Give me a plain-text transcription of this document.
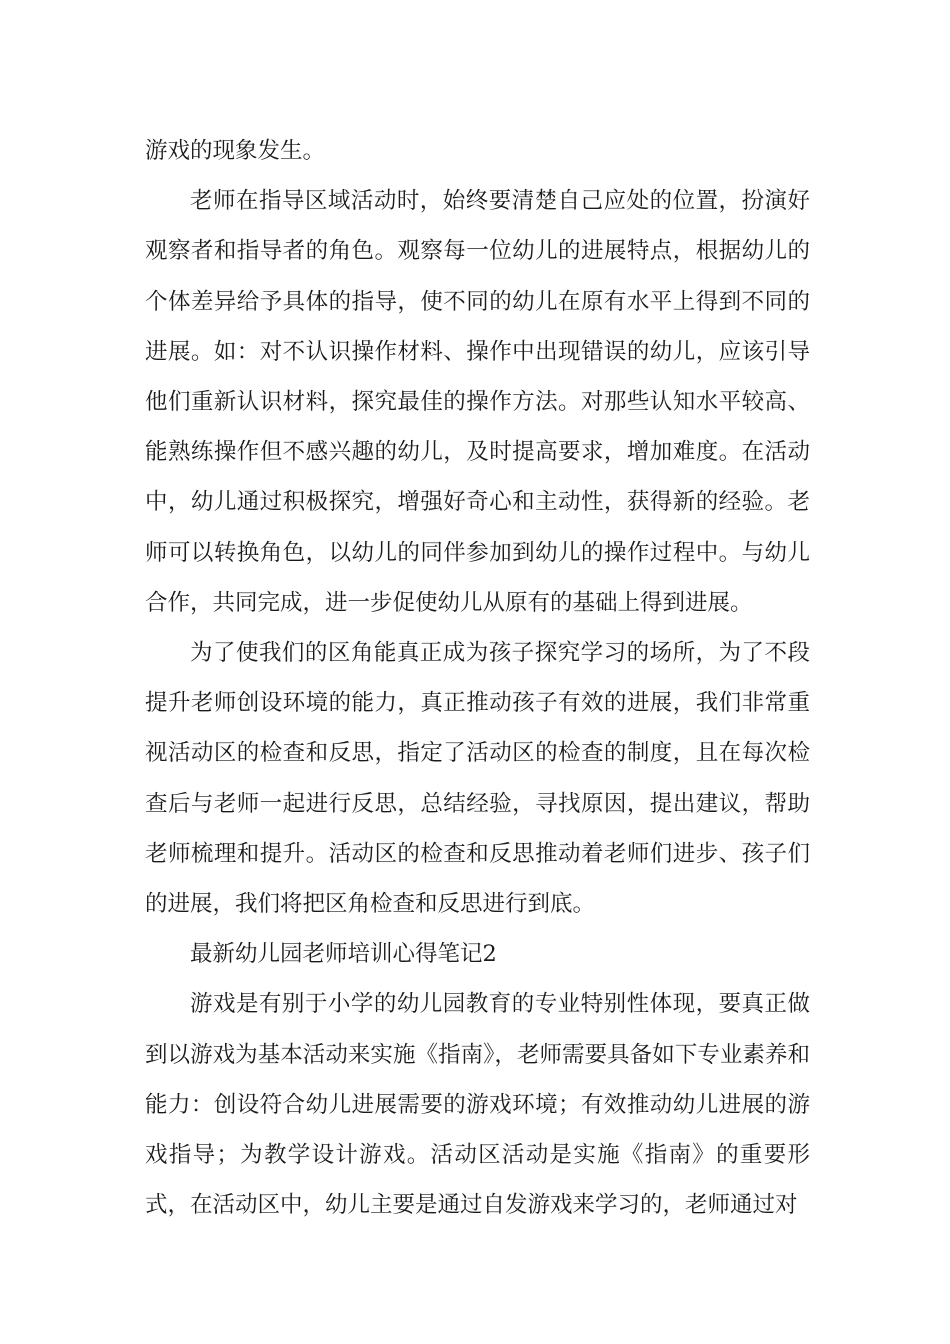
游戏的现象发生。

老师在指导区域活动时，始终要清楚自己应处的位置，扮演好观察者和指导者的角色。观察每一位幼儿的进展特点，根据幼儿的个体差异给予具体的指导，使不同的幼儿在原有水平上得到不同的进展。如：对不认识操作材料、操作中出现错误的幼儿，应该引导他们重新认识材料，探究最佳的操作方法。对那些认知水平较高、能熟练操作但不感兴趣的幼儿，及时提高要求，增加难度。在活动中，幼儿通过积极探究，增强好奇心和主动性，获得新的经验。老师可以转换角色，以幼儿的同伴参加到幼儿的操作过程中。与幼儿合作，共同完成，进一步促使幼儿从原有的基础上得到进展。

为了使我们的区角能真正成为孩子探究学习的场所，为了不段提升老师创设环境的能力，真正推动孩子有效的进展，我们非常重视活动区的检查和反思，指定了活动区的检查的制度，且在每次检查后与老师一起进行反思，总结经验，寻找原因，提出建议，帮助老师梳理和提升。活动区的检查和反思推动着老师们进步、孩子们的进展，我们将把区角检查和反思进行到底。

最新幼儿园老师培训心得笔记2

游戏是有别于小学的幼儿园教育的专业特别性体现，要真正做到以游戏为基本活动来实施《指南》，老师需要具备如下专业素养和能力：创设符合幼儿进展需要的游戏环境；有效推动幼儿进展的游戏指导；为教学设计游戏。活动区活动是实施《指南》的重要形式，在活动区中，幼儿主要是通过自发游戏来学习的，老师通过对
